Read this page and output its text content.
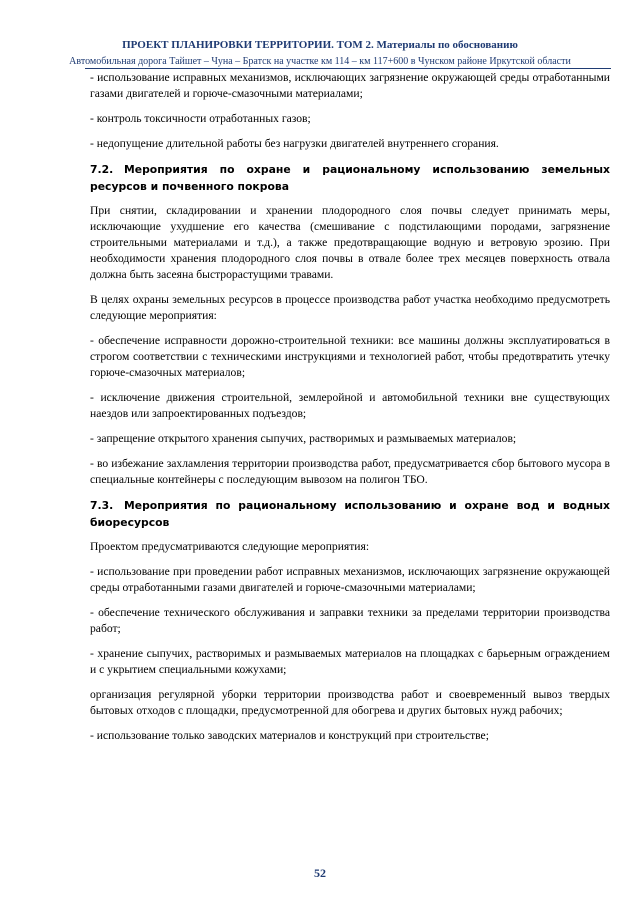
ПРОЕКТ ПЛАНИРОВКИ ТЕРРИТОРИИ. ТОМ 2. Материалы по обоснованию
Автомобильная дорога Тайшет – Чуна – Братск на участке км 114 – км 117+600 в Чунском районе Иркутской области

- использование исправных механизмов, исключающих загрязнение окружающей среды отработанными газами двигателей и горюче-смазочными материалами;

- контроль токсичности отработанных газов;

- недопущение длительной работы без нагрузки двигателей внутреннего сгорания.

7.2. Мероприятия по охране и рациональному использованию земельных ресурсов и почвенного покрова

При снятии, складировании и хранении плодородного слоя почвы следует принимать меры, исключающие ухудшение его качества (смешивание с подстилающими породами, загрязнение строительными материалами и т.д.), а также предотвращающие водную и ветровую эрозию. При необходимости хранения плодородного слоя почвы в отвале более трех месяцев поверхность отвала должна быть засеяна быстрорастущими травами.

В целях охраны земельных ресурсов в процессе производства работ участка необходимо предусмотреть следующие мероприятия:

- обеспечение исправности дорожно-строительной техники: все машины должны эксплуатироваться в строгом соответствии с техническими инструкциями и технологией работ, чтобы предотвратить утечку горюче-смазочных материалов;

- исключение движения строительной, землеройной и автомобильной техники вне существующих наездов или запроектированных подъездов;

- запрещение открытого хранения сыпучих, растворимых и размываемых материалов;

- во избежание захламления территории производства работ, предусматривается сбор бытового мусора в специальные контейнеры с последующим вывозом на полигон ТБО.

7.3. Мероприятия по рациональному использованию и охране вод и водных биоресурсов

Проектом предусматриваются следующие мероприятия:

- использование при проведении работ исправных механизмов, исключающих загрязнение окружающей среды отработанными газами двигателей и горюче-смазочными материалами;

- обеспечение технического обслуживания и заправки техники за пределами территории производства работ;

- хранение сыпучих, растворимых и размываемых материалов на площадках с барьерным ограждением и с укрытием специальными кожухами;

организация регулярной уборки территории производства работ и своевременный вывоз твердых бытовых отходов с площадки, предусмотренной для обогрева и других бытовых нужд рабочих;

- использование только заводских материалов и конструкций при строительстве;

52
